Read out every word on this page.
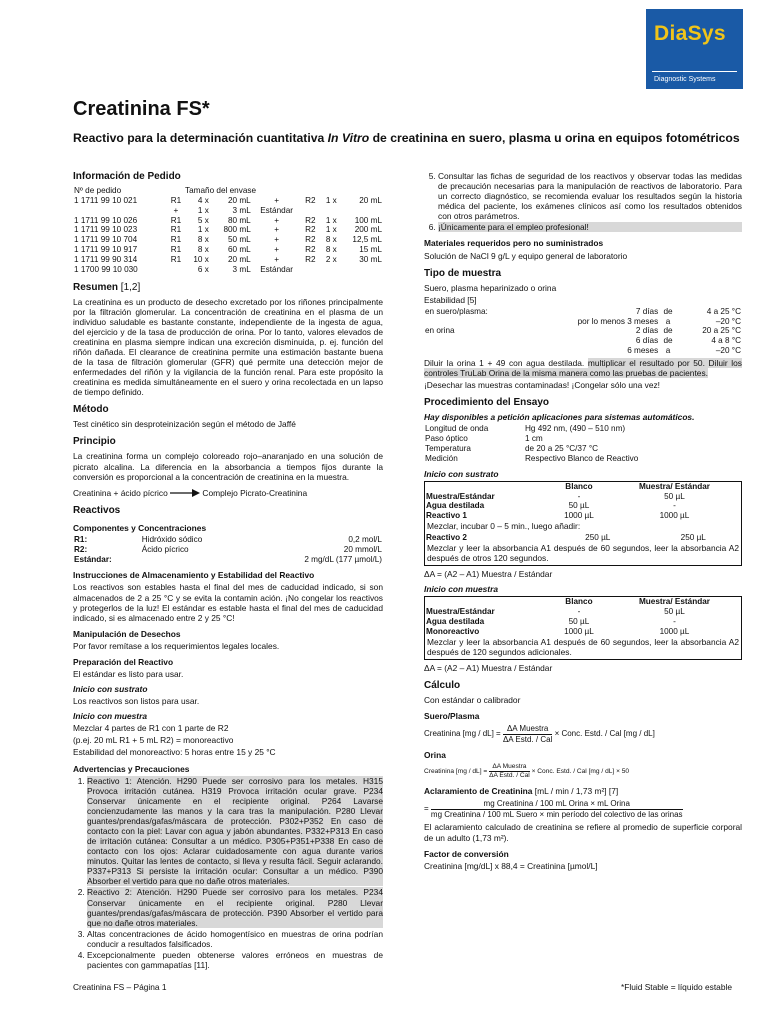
DiaSys
Diagnostic Systems
Creatinina FS*
Reactivo para la determinación cuantitativa In Vitro de creatinina en suero, plasma u orina en equipos fotométricos
Información de Pedido
Nº de pedido	Tamaño del envase						
1 1711 99 10 021	R1	4 x	20 mL	+	R2	1 x	20 mL
	+	1 x	3 mL	Estándar			
1 1711 99 10 026	R1	5 x	80 mL	+	R2	1 x	100 mL
1 1711 99 10 023	R1	1 x	800 mL	+	R2	1 x	200 mL
1 1711 99 10 704	R1	8 x	50 mL	+	R2	8 x	12,5 mL
1 1711 99 10 917	R1	8 x	60 mL	+	R2	8 x	15 mL
1 1711 99 90 314	R1	10 x	20 mL	+	R2	2 x	30 mL
1 1700 99 10 030		6 x	3 mL	Estándar			
Resumen [1,2]

La creatinina es un producto de desecho excretado por los riñones principalmente por la filtración glomerular. La concentración de creatinina en el plasma de un individuo saludable es bastante constante, independiente de la ingesta de agua, del ejercicio y de la tasa de producción de orina. Por lo tanto, valores elevados de creatinina en plasma siempre indican una excreción disminuida, p. ej. función del riñón dañada. El clearance de creatinina permite una estimación bastante buena de la tasa de filtración glomerular (GFR) qué permite una detección mejor de enfermedades del riñón y la vigilancia de la función renal. Para este propósito la creatinina es medida simultáneamente en el suero y orina recolectada en un lapso de tiempo definido.

Método

Test cinético sin desproteinización según el método de Jaffé

Principio

La creatinina forma un complejo coloreado rojo–anaranjado en una solución de picrato alcalina. La diferencia en la absorbancia a tiempos fijos durante la conversión es proporcional a la concentración de creatinina en la muestra.

Creatinina + ácido pícrico → Complejo Picrato-Creatinina
Reactivos
Componentes y Concentraciones
R1:	Hidróxido sódico	0,2 mol/L
R2:	Ácido pícrico	20 mmol/L
Estándar:		2 mg/dL (177 µmol/L)
Instrucciones de Almacenamiento y Estabilidad del Reactivo

Los reactivos son estables hasta el final del mes de caducidad indicado, si son almacenados de 2 a 25 °C y se evita la contamin ación. ¡No congelar los reactivos y protegerlos de la luz! El estándar es estable hasta el final del mes de caducidad indicado, si es almacenado entre 2 y 25 °C!

Manipulación de Desechos

Por favor remítase a los requerimientos legales locales.

Preparación del Reactivo

El estándar es listo para usar.

Inicio con sustrato

Los reactivos son listos para usar.

Inicio con muestra

Mezclar 4 partes de R1 con 1 parte de R2

(p.ej. 20 mL R1 + 5 mL R2) = monoreactivo

Estabilidad del monoreactivo: 5 horas entre 15 y 25 °C

Advertencias y Precauciones
1. Reactivo 1: Atención. H290 Puede ser corrosivo para los metales. H315 Provoca irritación cutánea. H319 Provoca irritación ocular grave. P234 Conservar únicamente en el recipiente original. P264 Lavarse concienzudamente las manos y la cara tras la manipulación. P280 Llevar guantes/prendas/gafas/máscara de protección. P302+P352 En caso de contacto con la piel: Lavar con agua y jabón abundantes. P332+P313 En caso de irritación cutánea: Consultar a un médico. P305+P351+P338 En caso de contacto con los ojos: Aclarar cuidadosamente con agua durante varios minutos. Quitar las lentes de contacto, si lleva y resulta fácil. Seguir aclarando. P337+P313 Si persiste la irritación ocular: Consultar a un médico. P390 Absorber el vertido para que no dañe otros materiales.
2. Reactivo 2: Atención. H290 Puede ser corrosivo para los metales. P234 Conservar únicamente en el recipiente original. P280 Llevar guantes/prendas/gafas/máscara de protección. P390 Absorber el vertido para que no dañe otros materiales.
3. Altas concentraciones de ácido homogentísico en muestras de orina podrían conducir a resultados falsificados.
4. Excepcionalmente pueden obtenerse valores erróneos en muestras de pacientes con gammapatías [11].
5. Consultar las fichas de seguridad de los reactivos y observar todas las medidas de precaución necesarias para la manipulación de reactivos de laboratorio. Para un correcto diagnóstico, se recomienda evaluar los resultados según la historia médica del paciente, los exámenes clínicos así como los resultados obtenidos con otros parámetros.
6. ¡Únicamente para el empleo profesional!
Materiales requeridos pero no suministrados

Solución de NaCl 9 g/L y equipo general de laboratorio

Tipo de muestra

Suero, plasma heparinizado o orina

Estabilidad [5]

en suero/plasma:	7 días	de	4 a 25 °C
	por lo menos 3 meses	a	–20 °C
en orina	2 días	de	20 a 25 °C
	6 días	de	4 a 8 °C
	6 meses	a	–20 °C

Diluir la orina 1 + 49 con agua destilada. multiplicar el resultado por 50. Diluir los controles TruLab Orina de la misma manera como las pruebas de pacientes.

¡Desechar las muestras contaminadas! ¡Congelar sólo una vez!

Procedimiento del Ensayo

Hay disponibles a petición aplicaciones para sistemas automáticos.

Longitud de onda	Hg 492 nm, (490 – 510 nm)
Paso óptico	1 cm
Temperatura	de 20 a 25 °C/37 °C
Medición	Respectivo Blanco de Reactivo
Inicio con sustrato
	Blanco	Muestra/ Estándar
Muestra/Estándar	-	50 µL
Agua destilada	50 µL	-
Reactivo 1	1000 µL	1000 µL

Mezclar, incubar 0 – 5 min., luego añadir:

Reactivo 2	250 µL	250 µL

Mezclar y leer la absorbancia A1 después de 60 segundos, leer la absorbancia A2 después de otros 120 segundos.

ΔA = (A2 – A1) Muestra / Estándar

Inicio con muestra
	Blanco	Muestra/ Estándar
Muestra/Estándar	-	50 µL
Agua destilada	50 µL	-
Monoreactivo	1000 µL	1000 µL

Mezclar y leer la absorbancia A1 después de 60 segundos, leer la absorbancia A2 después de 120 segundos adicionales.

ΔA = (A2 – A1) Muestra / Estándar

Cálculo

Con estándar o calibrador

Suero/Plasma
Creatinina $[mg / dL] = \frac{\text{ΔA Muestra}}{\text{ΔA Estd. / Cal}}$ × Conc. Estd. / Cal [mg / dL]
Orina
Creatinina $[mg / dL] = \frac{\text{ΔA Muestra}}{\text{ΔA Estd. / Cal}}$ × Conc. Estd. / Cal [mg / dL] × 50
Aclaramiento de Creatinina [mL / min / 1,73 m²] [7]
=
mg Creatinina / 100 mL Orina × mL Orina
mg Creatinina / 100 mL Suero × min período del colectivo de las orinas

El aclaramiento calculado de creatinina se refiere al promedio de superficie corporal de un adulto (1,73 m²).

Factor de conversión

Creatinina [mg/dL] x 88,4 = Creatinina [µmol/L]

Creatinina FS – Página 1	*Fluid Stable = líquido estable
